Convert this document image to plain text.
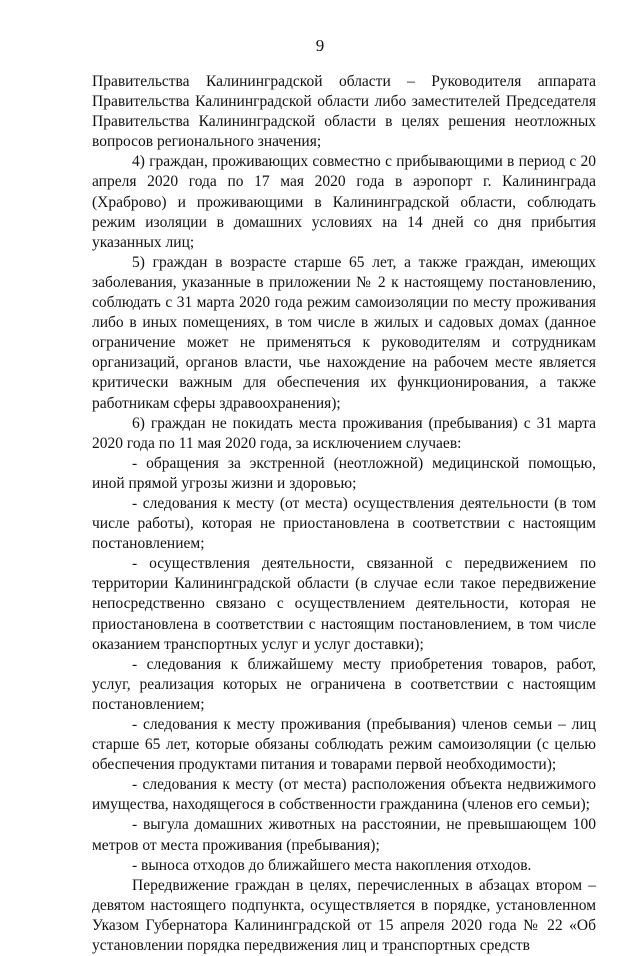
9

Правительства Калининградской области – Руководителя аппарата Правительства Калининградской области либо заместителей Председателя Правительства Калининградской области в целях решения неотложных вопросов регионального значения;

4) граждан, проживающих совместно с прибывающими в период с 20 апреля 2020 года по 17 мая 2020 года в аэропорт г. Калининграда (Храброво) и проживающими в Калининградской области, соблюдать режим изоляции в домашних условиях на 14 дней со дня прибытия указанных лиц;

5) граждан в возрасте старше 65 лет, а также граждан, имеющих заболевания, указанные в приложении № 2 к настоящему постановлению, соблюдать с 31 марта 2020 года режим самоизоляции по месту проживания либо в иных помещениях, в том числе в жилых и садовых домах (данное ограничение может не применяться к руководителям и сотрудникам организаций, органов власти, чье нахождение на рабочем месте является критически важным для обеспечения их функционирования, а также работникам сферы здравоохранения);

6) граждан не покидать места проживания (пребывания) с 31 марта 2020 года по 11 мая 2020 года, за исключением случаев:

- обращения за экстренной (неотложной) медицинской помощью, иной прямой угрозы жизни и здоровью;

- следования к месту (от места) осуществления деятельности (в том числе работы), которая не приостановлена в соответствии с настоящим постановлением;

- осуществления деятельности, связанной с передвижением по территории Калининградской области (в случае если такое передвижение непосредственно связано с осуществлением деятельности, которая не приостановлена в соответствии с настоящим постановлением, в том числе оказанием транспортных услуг и услуг доставки);

- следования к ближайшему месту приобретения товаров, работ, услуг, реализация которых не ограничена в соответствии с настоящим постановлением;

- следования к месту проживания (пребывания) членов семьи – лиц старше 65 лет, которые обязаны соблюдать режим самоизоляции (с целью обеспечения продуктами питания и товарами первой необходимости);

- следования к месту (от места) расположения объекта недвижимого имущества, находящегося в собственности гражданина (членов его семьи);

- выгула домашних животных на расстоянии, не превышающем 100 метров от места проживания (пребывания);

- выноса отходов до ближайшего места накопления отходов.

Передвижение граждан в целях, перечисленных в абзацах втором – девятом настоящего подпункта, осуществляется в порядке, установленном Указом Губернатора Калининградской от 15 апреля 2020 года № 22 «Об установлении порядка передвижения лиц и транспортных средств
